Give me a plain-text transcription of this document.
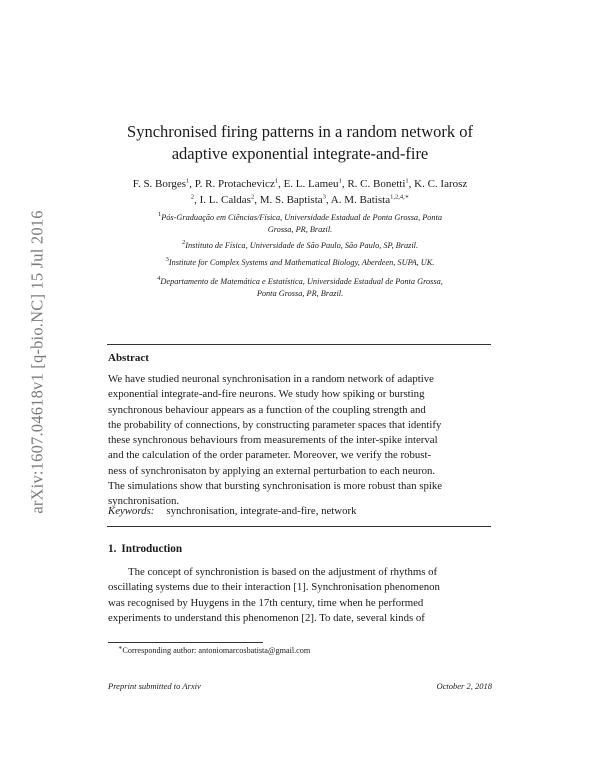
arXiv:1607.04618v1 [q-bio.NC] 15 Jul 2016
Synchronised firing patterns in a random network of
adaptive exponential integrate-and-fire
F. S. Borges$^1$, P. R. Protachevicz$^1$, E. L. Lameu$^1$, R. C. Bonetti$^1$, K. C. Iarosz
$^2$, I. L. Caldas$^2$, M. S. Baptista$^3$, A. M. Batista$^{1,2,4,∗}$
$^1$Pós-Graduação em Ciências/Física, Universidade Estadual de Ponta Grossa, Ponta
Grossa, PR, Brazil.
$^2$Instituto de Física, Universidade de São Paulo, São Paulo, SP, Brazil.
$^3$Institute for Complex Systems and Mathematical Biology, Aberdeen, SUPA, UK.
$^4$Departamento de Matemática e Estatística, Universidade Estadual de Ponta Grossa,
Ponta Grossa, PR, Brazil.
Abstract
We have studied neuronal synchronisation in a random network of adaptive
exponential integrate-and-fire neurons. We study how spiking or bursting
synchronous behaviour appears as a function of the coupling strength and
the probability of connections, by constructing parameter spaces that identify
these synchronous behaviours from measurements of the inter-spike interval
and the calculation of the order parameter. Moreover, we verify the robust-
ness of synchronisaton by applying an external perturbation to each neuron.
The simulations show that bursting synchronisation is more robust than spike
synchronisation.
Keywords: synchronisation, integrate-and-fire, network
1. Introduction
The concept of synchronistion is based on the adjustment of rhythms of
oscillating systems due to their interaction [1]. Synchronisation phenomenon
was recognised by Huygens in the 17th century, time when he performed
experiments to understand this phenomenon [2]. To date, several kinds of
∗Corresponding author: antoniomarcosbatista@gmail.com
Preprint submitted to Arxiv	October 2, 2018
